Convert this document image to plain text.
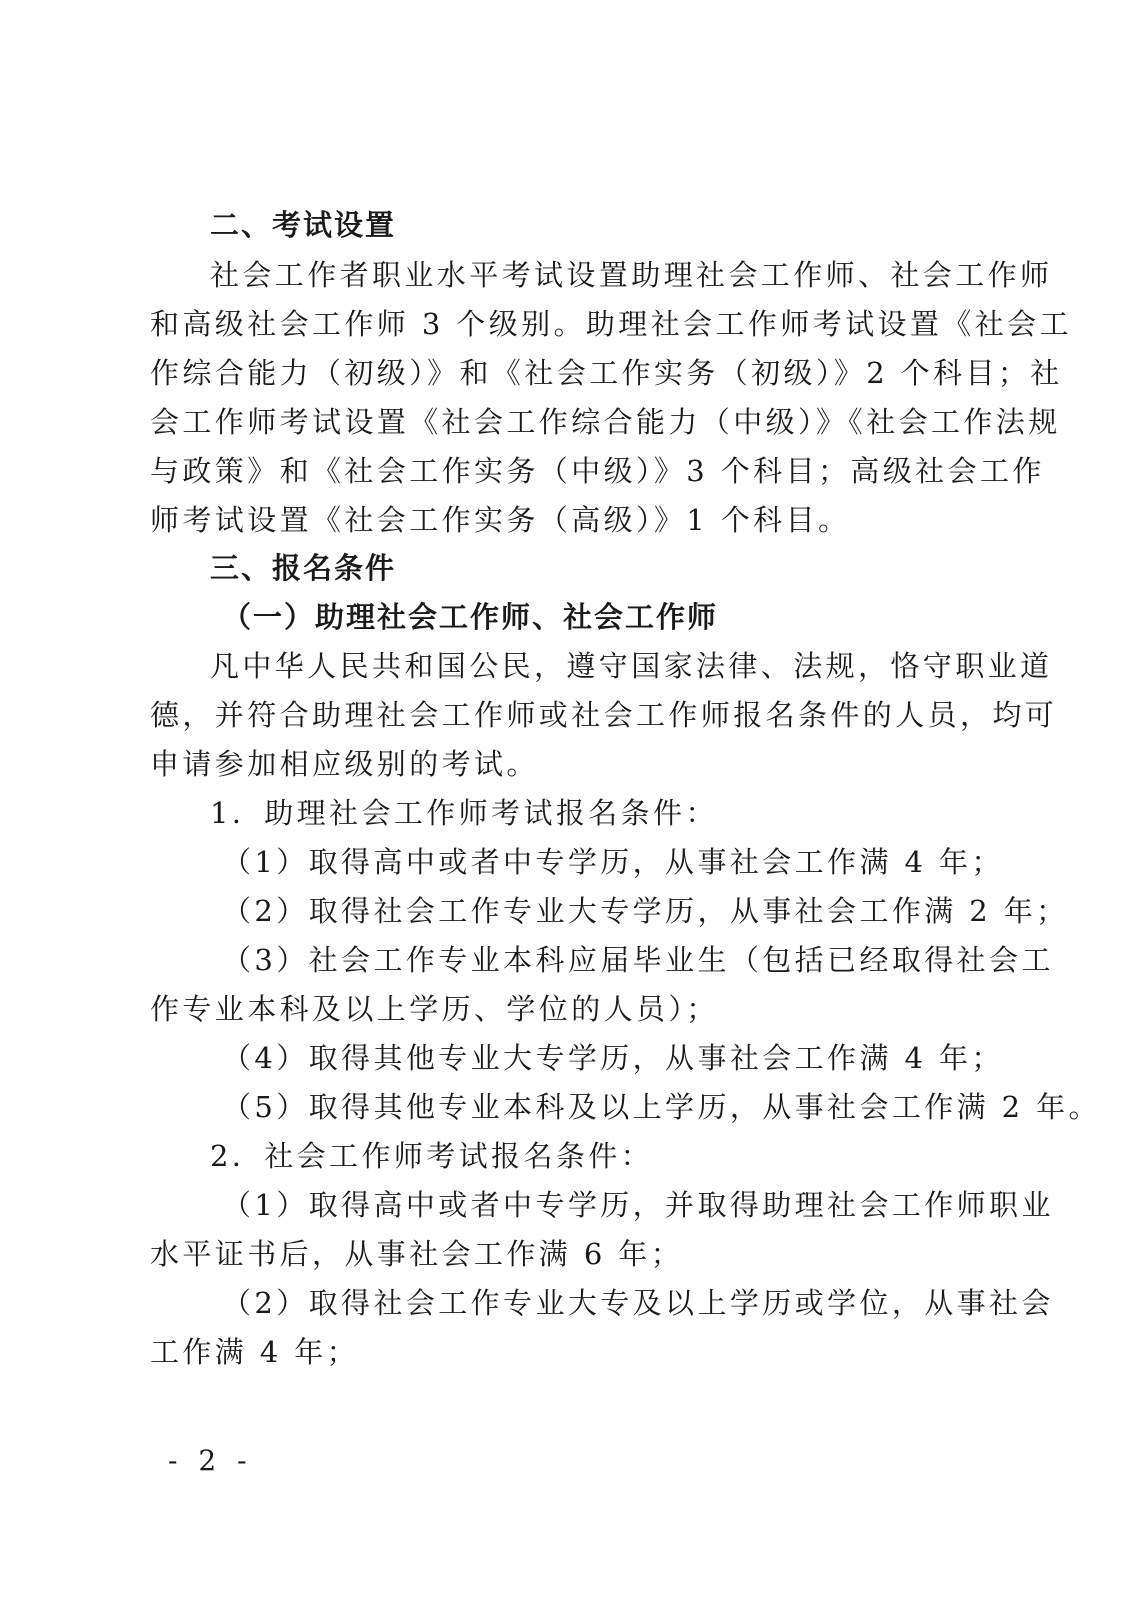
二、考试设置
社会工作者职业水平考试设置助理社会工作师、社会工作师
和高级社会工作师 3 个级别。助理社会工作师考试设置《社会工
作综合能力（初级）》和《社会工作实务（初级）》2 个科目；社
会工作师考试设置《社会工作综合能力（中级）》《社会工作法规
与政策》和《社会工作实务（中级）》3 个科目；高级社会工作
师考试设置《社会工作实务（高级）》1 个科目。
三、报名条件
（一）助理社会工作师、社会工作师
凡中华人民共和国公民，遵守国家法律、法规，恪守职业道
德，并符合助理社会工作师或社会工作师报名条件的人员，均可
申请参加相应级别的考试。
1．助理社会工作师考试报名条件：
（1）取得高中或者中专学历，从事社会工作满 4 年；
（2）取得社会工作专业大专学历，从事社会工作满 2 年；
（3）社会工作专业本科应届毕业生（包括已经取得社会工
作专业本科及以上学历、学位的人员）；
（4）取得其他专业大专学历，从事社会工作满 4 年；
（5）取得其他专业本科及以上学历，从事社会工作满 2 年。
2．社会工作师考试报名条件：
（1）取得高中或者中专学历，并取得助理社会工作师职业
水平证书后，从事社会工作满 6 年；
（2）取得社会工作专业大专及以上学历或学位，从事社会
工作满 4 年；
- 2 -
